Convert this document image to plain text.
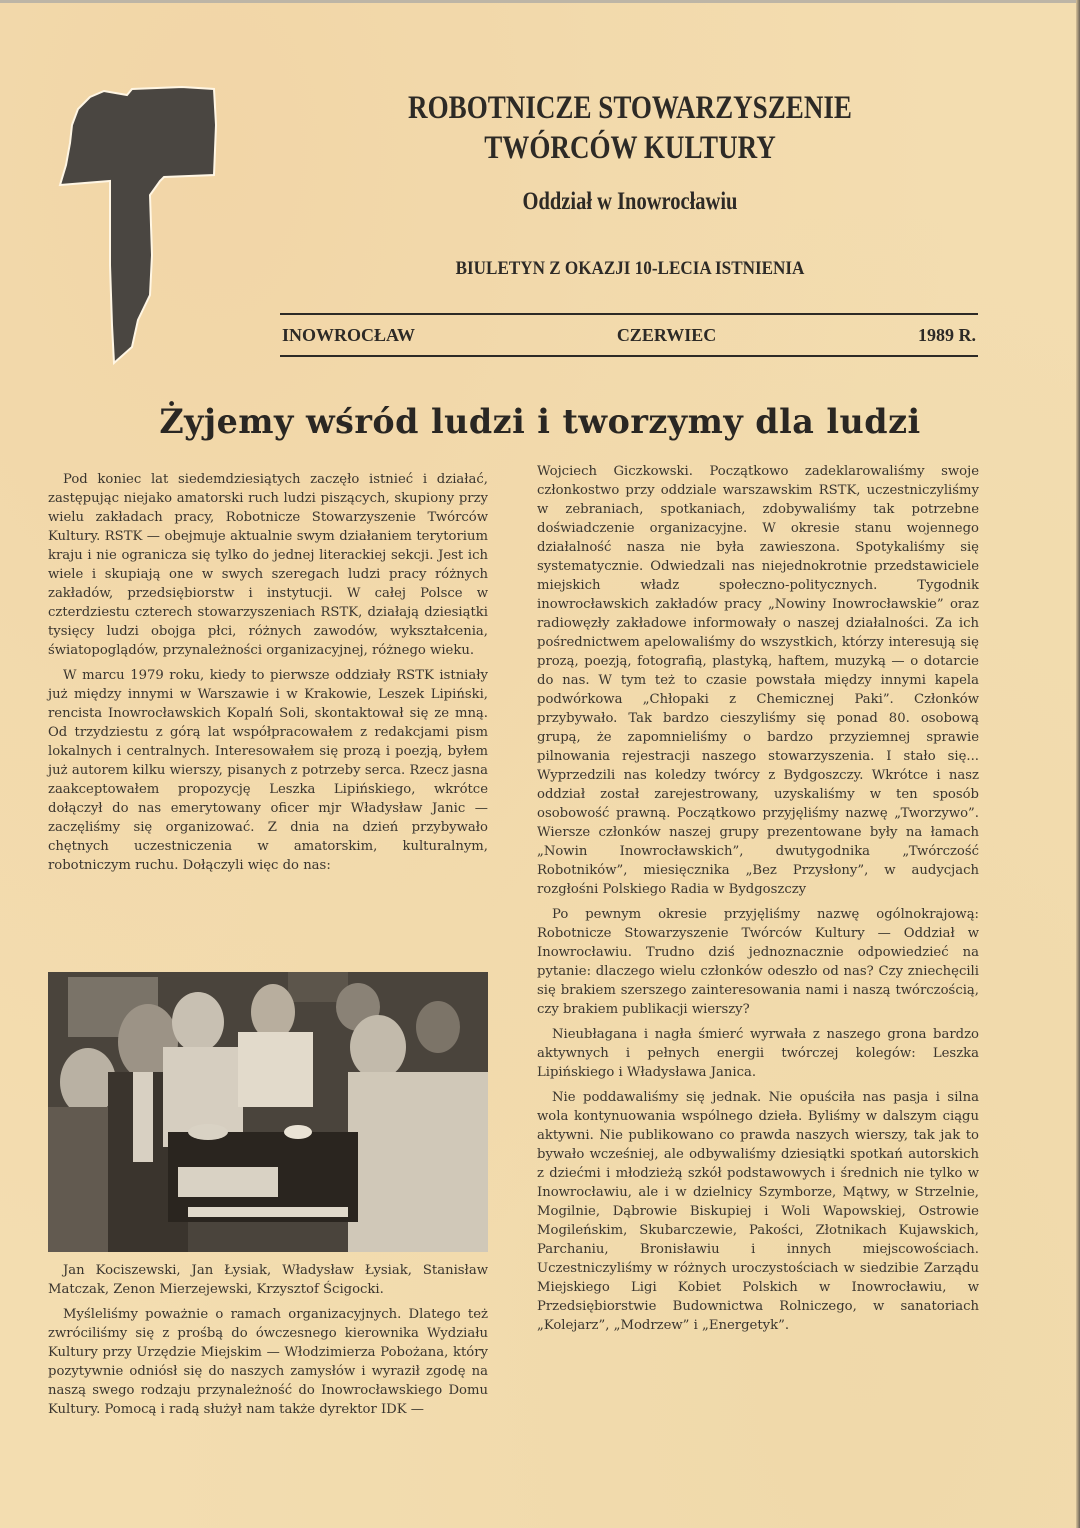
ROBOTNICZE STOWARZYSZENIE
TWÓRCÓW KULTURY
Oddział w Inowrocławiu
BIULETYN Z OKAZJI 10-LECIA ISTNIENIA
INOWROCŁAW	CZERWIEC	1989 R.
Żyjemy wśród ludzi i tworzymy dla ludzi

Pod koniec lat siedemdziesiątych zaczęło istnieć i działać, zastępując niejako amatorski ruch ludzi piszących, skupiony przy wielu zakładach pracy, Robotnicze Stowarzyszenie Twórców Kultury. RSTK — obejmuje aktualnie swym działaniem terytorium kraju i nie ogranicza się tylko do jednej literackiej sekcji. Jest ich wiele i skupiają one w swych szeregach ludzi pracy różnych zakładów, przedsiębiorstw i instytucji. W całej Polsce w czterdziestu czterech stowarzyszeniach RSTK, działają dziesiątki tysięcy ludzi obojga płci, różnych zawodów, wykształcenia, światopoglądów, przynależności organizacyjnej, różnego wieku.

W marcu 1979 roku, kiedy to pierwsze oddziały RSTK istniały już między innymi w Warszawie i w Krakowie, Leszek Lipiński, rencista Inowrocławskich Kopalń Soli, skontaktował się ze mną. Od trzydziestu z górą lat współpracowałem z redakcjami pism lokalnych i centralnych. Interesowałem się prozą i poezją, byłem już autorem kilku wierszy, pisanych z potrzeby serca. Rzecz jasna zaakceptowałem propozycję Leszka Lipińskiego, wkrótce dołączył do nas emerytowany oficer mjr Władysław Janic — zaczęliśmy się organizować. Z dnia na dzień przybywało chętnych uczestniczenia w amatorskim, kulturalnym, robotniczym ruchu. Dołączyli więc do nas:

Jan Kociszewski, Jan Łysiak, Władysław Łysiak, Stanisław Matczak, Zenon Mierzejewski, Krzysztof Ścigocki.

Myśleliśmy poważnie o ramach organizacyjnych. Dlatego też zwróciliśmy się z prośbą do ówczesnego kierownika Wydziału Kultury przy Urzędzie Miejskim — Włodzimierza Pobożana, który pozytywnie odniósł się do naszych zamysłów i wyraził zgodę na naszą swego rodzaju przynależność do Inowrocławskiego Domu Kultury. Pomocą i radą służył nam także dyrektor IDK —

Wojciech Giczkowski. Początkowo zadeklarowaliśmy swoje członkostwo przy oddziale warszawskim RSTK, uczestniczyliśmy w zebraniach, spotkaniach, zdobywaliśmy tak potrzebne doświadczenie organizacyjne. W okresie stanu wojennego działalność nasza nie była zawieszona. Spotykaliśmy się systematycznie. Odwiedzali nas niejednokrotnie przedstawiciele miejskich władz społeczno-politycznych. Tygodnik inowrocławskich zakładów pracy „Nowiny Inowrocławskie” oraz radiowęzły zakładowe informowały o naszej działalności. Za ich pośrednictwem apelowaliśmy do wszystkich, którzy interesują się prozą, poezją, fotografią, plastyką, haftem, muzyką — o dotarcie do nas. W tym też to czasie powstała między innymi kapela podwórkowa „Chłopaki z Chemicznej Paki”. Członków przybywało. Tak bardzo cieszyliśmy się ponad 80. osobową grupą, że zapomnieliśmy o bardzo przyziemnej sprawie pilnowania rejestracji naszego stowarzyszenia. I stało się... Wyprzedzili nas koledzy twórcy z Bydgoszczy. Wkrótce i nasz oddział został zarejestrowany, uzyskaliśmy w ten sposób osobowość prawną. Początkowo przyjęliśmy nazwę „Tworzywo”. Wiersze członków naszej grupy prezentowane były na łamach „Nowin Inowrocławskich”, dwutygodnika „Twórczość Robotników”, miesięcznika „Bez Przysłony”, w audycjach rozgłośni Polskiego Radia w Bydgoszczy

Po pewnym okresie przyjęliśmy nazwę ogólnokrajową: Robotnicze Stowarzyszenie Twórców Kultury — Oddział w Inowrocławiu. Trudno dziś jednoznacznie odpowiedzieć na pytanie: dlaczego wielu członków odeszło od nas? Czy zniechęcili się brakiem szerszego zainteresowania nami i naszą twórczością, czy brakiem publikacji wierszy?

Nieubłagana i nagła śmierć wyrwała z naszego grona bardzo aktywnych i pełnych energii twórczej kolegów: Leszka Lipińskiego i Władysława Janica.

Nie poddawaliśmy się jednak. Nie opuściła nas pasja i silna wola kontynuowania wspólnego dzieła. Byliśmy w dalszym ciągu aktywni. Nie publikowano co prawda naszych wierszy, tak jak to bywało wcześniej, ale odbywaliśmy dziesiątki spotkań autorskich z dziećmi i młodzieżą szkół podstawowych i średnich nie tylko w Inowrocławiu, ale i w dzielnicy Szymborze, Mątwy, w Strzelnie, Mogilnie, Dąbrowie Biskupiej i Woli Wapowskiej, Ostrowie Mogileńskim, Skubarczewie, Pakości, Złotnikach Kujawskich, Parchaniu, Bronisławiu i innych miejscowościach. Uczestniczyliśmy w różnych uroczystościach w siedzibie Zarządu Miejskiego Ligi Kobiet Polskich w Inowrocławiu, w Przedsiębiorstwie Budownictwa Rolniczego, w sanatoriach „Kolejarz”, „Modrzew” i „Energetyk”.
